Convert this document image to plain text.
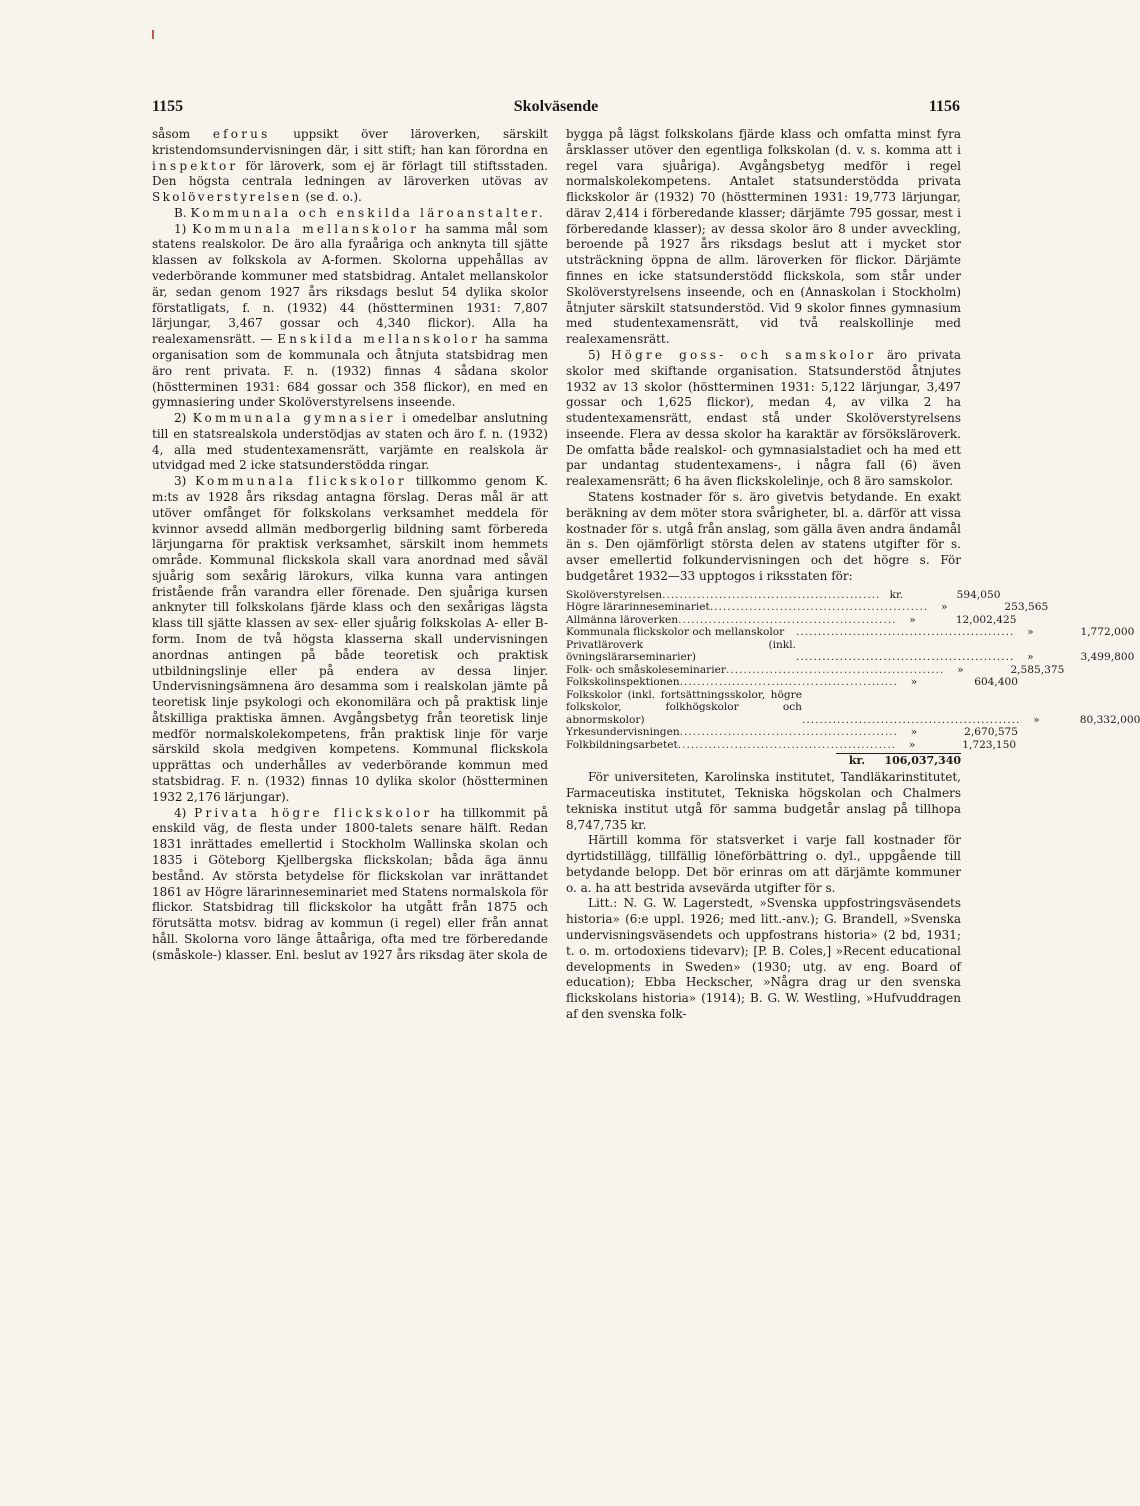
1155	Skolväsende	1156

såsom eforus uppsikt över läroverken, särskilt kristendomsundervisningen där, i sitt stift; han kan förordna en inspektor för läroverk, som ej är förlagt till stiftsstaden. Den högsta centrala ledningen av läroverken utövas av Skolöverstyrelsen (se d. o.).

B. Kommunala och enskilda läroanstalter.

1) Kommunala mellanskolor ha samma mål som statens realskolor. De äro alla fyraåriga och anknyta till sjätte klassen av folkskola av A-formen. Skolorna uppehållas av vederbörande kommuner med statsbidrag. Antalet mellanskolor är, sedan genom 1927 års riksdags beslut 54 dylika skolor förstatligats, f. n. (1932) 44 (höstterminen 1931: 7,807 lärjungar, 3,467 gossar och 4,340 flickor). Alla ha realexamensrätt. — Enskilda mellanskolor ha samma organisation som de kommunala och åtnjuta statsbidrag men äro rent privata. F. n. (1932) finnas 4 sådana skolor (höstterminen 1931: 684 gossar och 358 flickor), en med en gymnasiering under Skolöverstyrelsens inseende.

2) Kommunala gymnasier i omedelbar anslutning till en statsrealskola understödjas av staten och äro f. n. (1932) 4, alla med studentexamensrätt, varjämte en realskola är utvidgad med 2 icke statsunderstödda ringar.

3) Kommunala flickskolor tillkommo genom K. m:ts av 1928 års riksdag antagna förslag. Deras mål är att utöver omfånget för folkskolans verksamhet meddela för kvinnor avsedd allmän medborgerlig bildning samt förbereda lärjungarna för praktisk verksamhet, särskilt inom hemmets område. Kommunal flickskola skall vara anordnad med såväl sjuårig som sexårig lärokurs, vilka kunna vara antingen fristående från varandra eller förenade. Den sjuåriga kursen anknyter till folkskolans fjärde klass och den sexårigas lägsta klass till sjätte klassen av sex- eller sjuårig folkskolas A- eller B-form. Inom de två högsta klasserna skall undervisningen anordnas antingen på både teoretisk och praktisk utbildningslinje eller på endera av dessa linjer. Undervisningsämnena äro desamma som i realskolan jämte på teoretisk linje psykologi och ekonomilära och på praktisk linje åtskilliga praktiska ämnen. Avgångsbetyg från teoretisk linje medför normalskolekompetens, från praktisk linje för varje särskild skola medgiven kompetens. Kommunal flickskola upprättas och underhålles av vederbörande kommun med statsbidrag. F. n. (1932) finnas 10 dylika skolor (höstterminen 1932 2,176 lärjungar).

4) Privata högre flickskolor ha tillkommit på enskild väg, de flesta under 1800-talets senare hälft. Redan 1831 inrättades emellertid i Stockholm Wallinska skolan och 1835 i Göteborg Kjellbergska flickskolan; båda äga ännu bestånd. Av största betydelse för flickskolan var inrättandet 1861 av Högre lärarinneseminariet med Statens normalskola för flickor. Statsbidrag till flickskolor ha utgått från 1875 och förutsätta motsv. bidrag av kommun (i regel) eller från annat håll. Skolorna voro länge åttaåriga, ofta med tre förberedande (småskole-) klasser. Enl. beslut av 1927 års riksdag äter skola de

bygga på lägst folkskolans fjärde klass och omfatta minst fyra årsklasser utöver den egentliga folkskolan (d. v. s. komma att i regel vara sjuåriga). Avgångsbetyg medför i regel normalskolekompetens. Antalet statsunderstödda privata flickskolor är (1932) 70 (höstterminen 1931: 19,773 lärjungar, därav 2,414 i förberedande klasser; därjämte 795 gossar, mest i förberedande klasser); av dessa skolor äro 8 under avveckling, beroende på 1927 års riksdags beslut att i mycket stor utsträckning öppna de allm. läroverken för flickor. Därjämte finnes en icke statsunderstödd flickskola, som står under Skolöverstyrelsens inseende, och en (Annaskolan i Stockholm) åtnjuter särskilt statsunderstöd. Vid 9 skolor finnes gymnasium med studentexamensrätt, vid två realskollinje med realexamensrätt.

5) Högre goss- och samskolor äro privata skolor med skiftande organisation. Statsunderstöd åtnjutes 1932 av 13 skolor (höstterminen 1931: 5,122 lärjungar, 3,497 gossar och 1,625 flickor), medan 4, av vilka 2 ha studentexamensrätt, endast stå under Skolöverstyrelsens inseende. Flera av dessa skolor ha karaktär av försöksläroverk. De omfatta både realskol- och gymnasialstadiet och ha med ett par undantag studentexamens-, i några fall (6) även realexamensrätt; 6 ha även flickskolelinje, och 8 äro samskolor.

Statens kostnader för s. äro givetvis betydande. En exakt beräkning av dem möter stora svårigheter, bl. a. därför att vissa kostnader för s. utgå från anslag, som gälla även andra ändamål än s. Den ojämförligt största delen av statens utgifter för s. avser emellertid folkundervisningen och det högre s. För budgetåret 1932—33 upptogos i riksstaten för:

Skolöverstyrelsen .................................................. kr.	594,050
Högre lärarinneseminariet ..................................................	»	253,565
Allmänna läroverken ..................................................	»	12,002,425
Kommunala flickskolor och mellanskolor	..................................................	»	1,772,000
Privatläroverk (inkl. övningslärarseminarier)	..................................................	»	3,499,800
Folk- och småskoleseminarier ..................................................	»	2,585,375
Folkskolinspektionen ..................................................	»	604,400
Folkskolor (inkl. fortsättningsskolor, högre folkskolor, folkhögskolor och abnormskolor)	..................................................	»	80,332,000
Yrkesundervisningen ..................................................	»	2,670,575
Folkbildningsarbetet ..................................................	»	1,723,150
kr.	106,037,340

För universiteten, Karolinska institutet, Tandläkarinstitutet, Farmaceutiska institutet, Tekniska högskolan och Chalmers tekniska institut utgå för samma budgetår anslag på tillhopa 8,747,735 kr.

Härtill komma för statsverket i varje fall kostnader för dyrtidstillägg, tillfällig löneförbättring o. dyl., uppgående till betydande belopp. Det bör erinras om att därjämte kommuner o. a. ha att bestrida avsevärda utgifter för s.

Litt.: N. G. W. Lagerstedt, »Svenska uppfostringsväsendets historia» (6:e uppl. 1926; med litt.-anv.); G. Brandell, »Svenska undervisningsväsendets och uppfostrans historia» (2 bd, 1931; t. o. m. ortodoxiens tidevarv); [P. B. Coles,] »Recent educational developments in Sweden» (1930; utg. av eng. Board of education); Ebba Heckscher, »Några drag ur den svenska flickskolans historia» (1914); B. G. W. Westling, »Hufvuddragen af den svenska folk-
